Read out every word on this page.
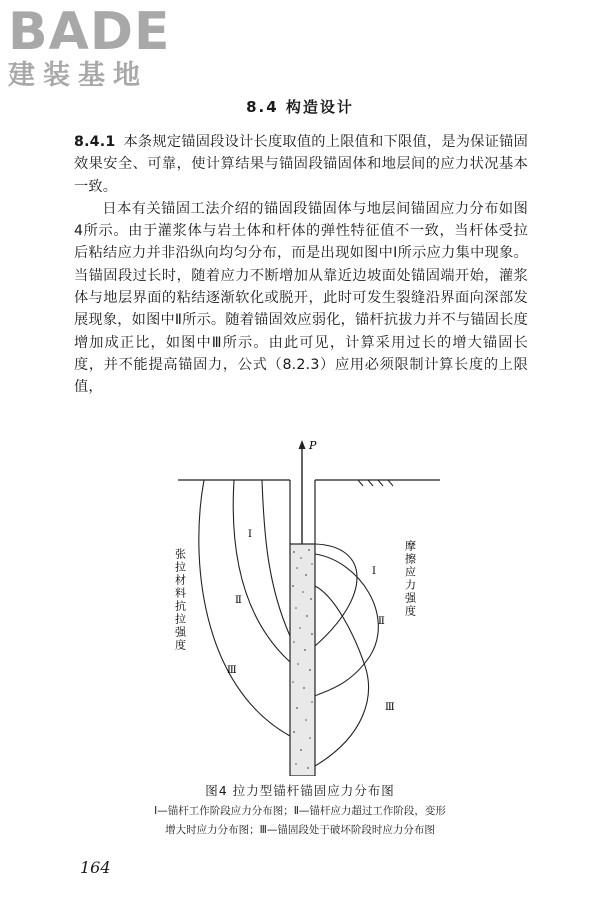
BADE
建装基地
8.4 构造设计

8.4.1 本条规定锚固段设计长度取值的上限值和下限值，是为保证锚固效果安全、可靠，使计算结果与锚固段锚固体和地层间的应力状况基本一致。

日本有关锚固工法介绍的锚固段锚固体与地层间锚固应力分布如图4所示。由于灌浆体与岩土体和杆体的弹性特征值不一致，当杆体受拉后粘结应力并非沿纵向均匀分布，而是出现如图中Ⅰ所示应力集中现象。当锚固段过长时，随着应力不断增加从靠近边坡面处锚固端开始，灌浆体与地层界面的粘结逐渐软化或脱开，此时可发生裂缝沿界面向深部发展现象，如图中Ⅱ所示。随着锚固效应弱化，锚杆抗拔力并不与锚固长度增加成正比，如图中Ⅲ所示。由此可见，计算采用过长的增大锚固长度，并不能提高锚固力，公式（8.2.3）应用必须限制计算长度的上限值，

P
Ⅰ
Ⅱ
Ⅲ
Ⅰ
Ⅱ
Ⅲ
张拉材料抗拉强度	摩擦应力强度
图4 拉力型锚杆锚固应力分布图
Ⅰ—锚杆工作阶段应力分布图；Ⅱ—锚杆应力超过工作阶段，变形
增大时应力分布图；Ⅲ—锚固段处于破坏阶段时应力分布图
164
